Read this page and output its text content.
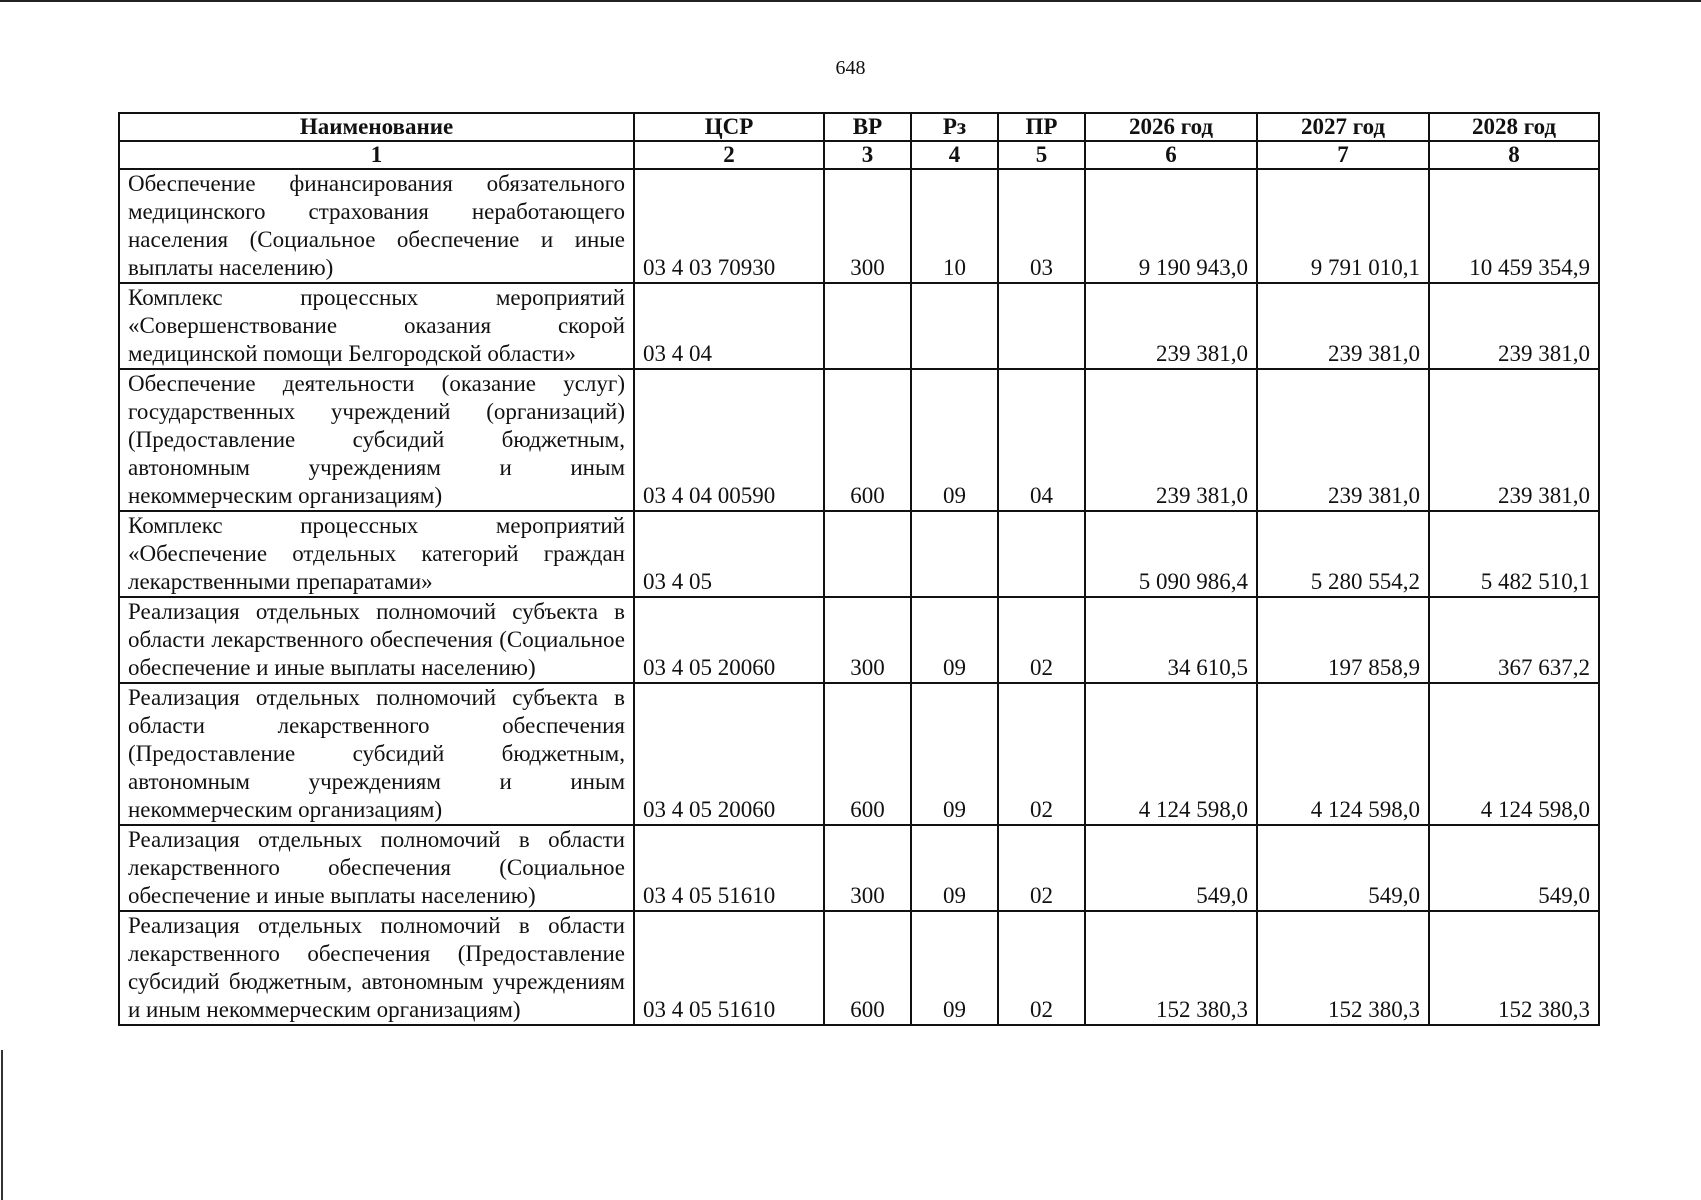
648
Наименование	ЦСР	ВР	Рз	ПР	2026 год	2027 год	2028 год
1	2	3	4	5	6	7	8
Обеспечение финансирования обязательного медицинского страхования неработающего населения (Социальное обеспечение и иные выплаты населению)	03 4 03 70930	300	10	03	9 190 943,0	9 791 010,1	10 459 354,9
Комплекс процессных мероприятий «Совершенствование оказания скорой медицинской помощи Белгородской области»	03 4 04				239 381,0	239 381,0	239 381,0
Обеспечение деятельности (оказание услуг) государственных учреждений (организаций) (Предоставление субсидий бюджетным, автономным учреждениям и иным некоммерческим организациям)	03 4 04 00590	600	09	04	239 381,0	239 381,0	239 381,0
Комплекс процессных мероприятий «Обеспечение отдельных категорий граждан лекарственными препаратами»	03 4 05				5 090 986,4	5 280 554,2	5 482 510,1
Реализация отдельных полномочий субъекта в области лекарственного обеспечения (Социальное обеспечение и иные выплаты населению)	03 4 05 20060	300	09	02	34 610,5	197 858,9	367 637,2
Реализация отдельных полномочий субъекта в области лекарственного обеспечения (Предоставление субсидий бюджетным, автономным учреждениям и иным некоммерческим организациям)	03 4 05 20060	600	09	02	4 124 598,0	4 124 598,0	4 124 598,0
Реализация отдельных полномочий в области лекарственного обеспечения (Социальное обеспечение и иные выплаты населению)	03 4 05 51610	300	09	02	549,0	549,0	549,0
Реализация отдельных полномочий в области лекарственного обеспечения (Предоставление субсидий бюджетным, автономным учреждениям и иным некоммерческим организациям)	03 4 05 51610	600	09	02	152 380,3	152 380,3	152 380,3
